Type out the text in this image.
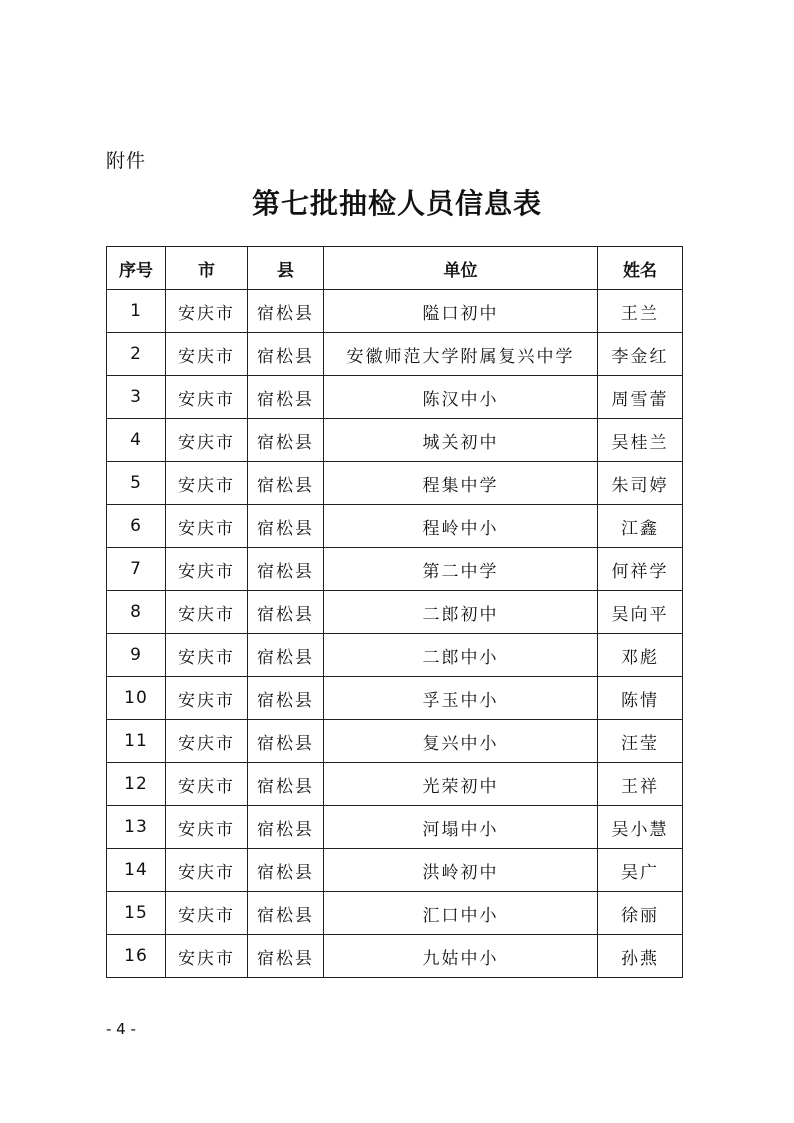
附件
第七批抽检人员信息表
序号	市	县	单位	姓名
1	安庆市	宿松县	隘口初中	王兰
2	安庆市	宿松县	安徽师范大学附属复兴中学	李金红
3	安庆市	宿松县	陈汉中小	周雪蕾
4	安庆市	宿松县	城关初中	吴桂兰
5	安庆市	宿松县	程集中学	朱司婷
6	安庆市	宿松县	程岭中小	江鑫
7	安庆市	宿松县	第二中学	何祥学
8	安庆市	宿松县	二郎初中	吴向平
9	安庆市	宿松县	二郎中小	邓彪
10	安庆市	宿松县	孚玉中小	陈情
11	安庆市	宿松县	复兴中小	汪莹
12	安庆市	宿松县	光荣初中	王祥
13	安庆市	宿松县	河塌中小	吴小慧
14	安庆市	宿松县	洪岭初中	吴广
15	安庆市	宿松县	汇口中小	徐丽
16	安庆市	宿松县	九姑中小	孙燕
- 4 -
